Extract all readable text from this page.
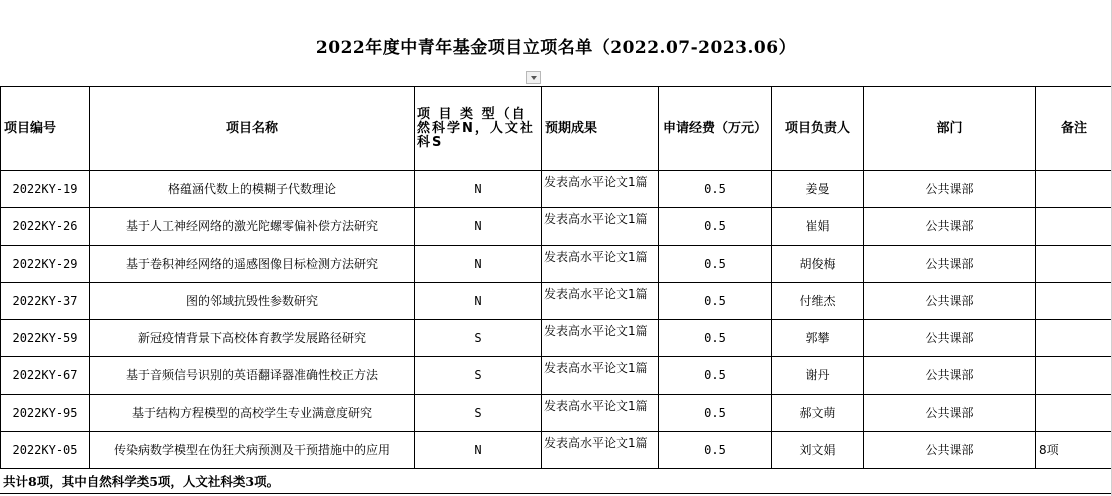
2022年度中青年基金项目立项名单（2022.07-2023.06）
项目编号	项目名称	项 目 类 型（自然科学N，人文社科S	预期成果	申请经费（万元）	项目负责人	部门	备注
2022KY-19	格蕴涵代数上的模糊子代数理论	N	发表高水平论文1篇	0.5	姜曼	公共课部	
2022KY-26	基于人工神经网络的激光陀螺零偏补偿方法研究	N	发表高水平论文1篇	0.5	崔娟	公共课部	
2022KY-29	基于卷积神经网络的遥感图像目标检测方法研究	N	发表高水平论文1篇	0.5	胡俊梅	公共课部	
2022KY-37	图的邻域抗毁性参数研究	N	发表高水平论文1篇	0.5	付维杰	公共课部	
2022KY-59	新冠疫情背景下高校体育教学发展路径研究	S	发表高水平论文1篇	0.5	郭攀	公共课部	
2022KY-67	基于音频信号识别的英语翻译器准确性校正方法	S	发表高水平论文1篇	0.5	谢丹	公共课部	
2022KY-95	基于结构方程模型的高校学生专业满意度研究	S	发表高水平论文1篇	0.5	郝文萌	公共课部	
2022KY-05	传染病数学模型在伪狂犬病预测及干预措施中的应用	N	发表高水平论文1篇	0.5	刘文娟	公共课部	8项
共计8项，其中自然科学类5项，人文社科类3项。
